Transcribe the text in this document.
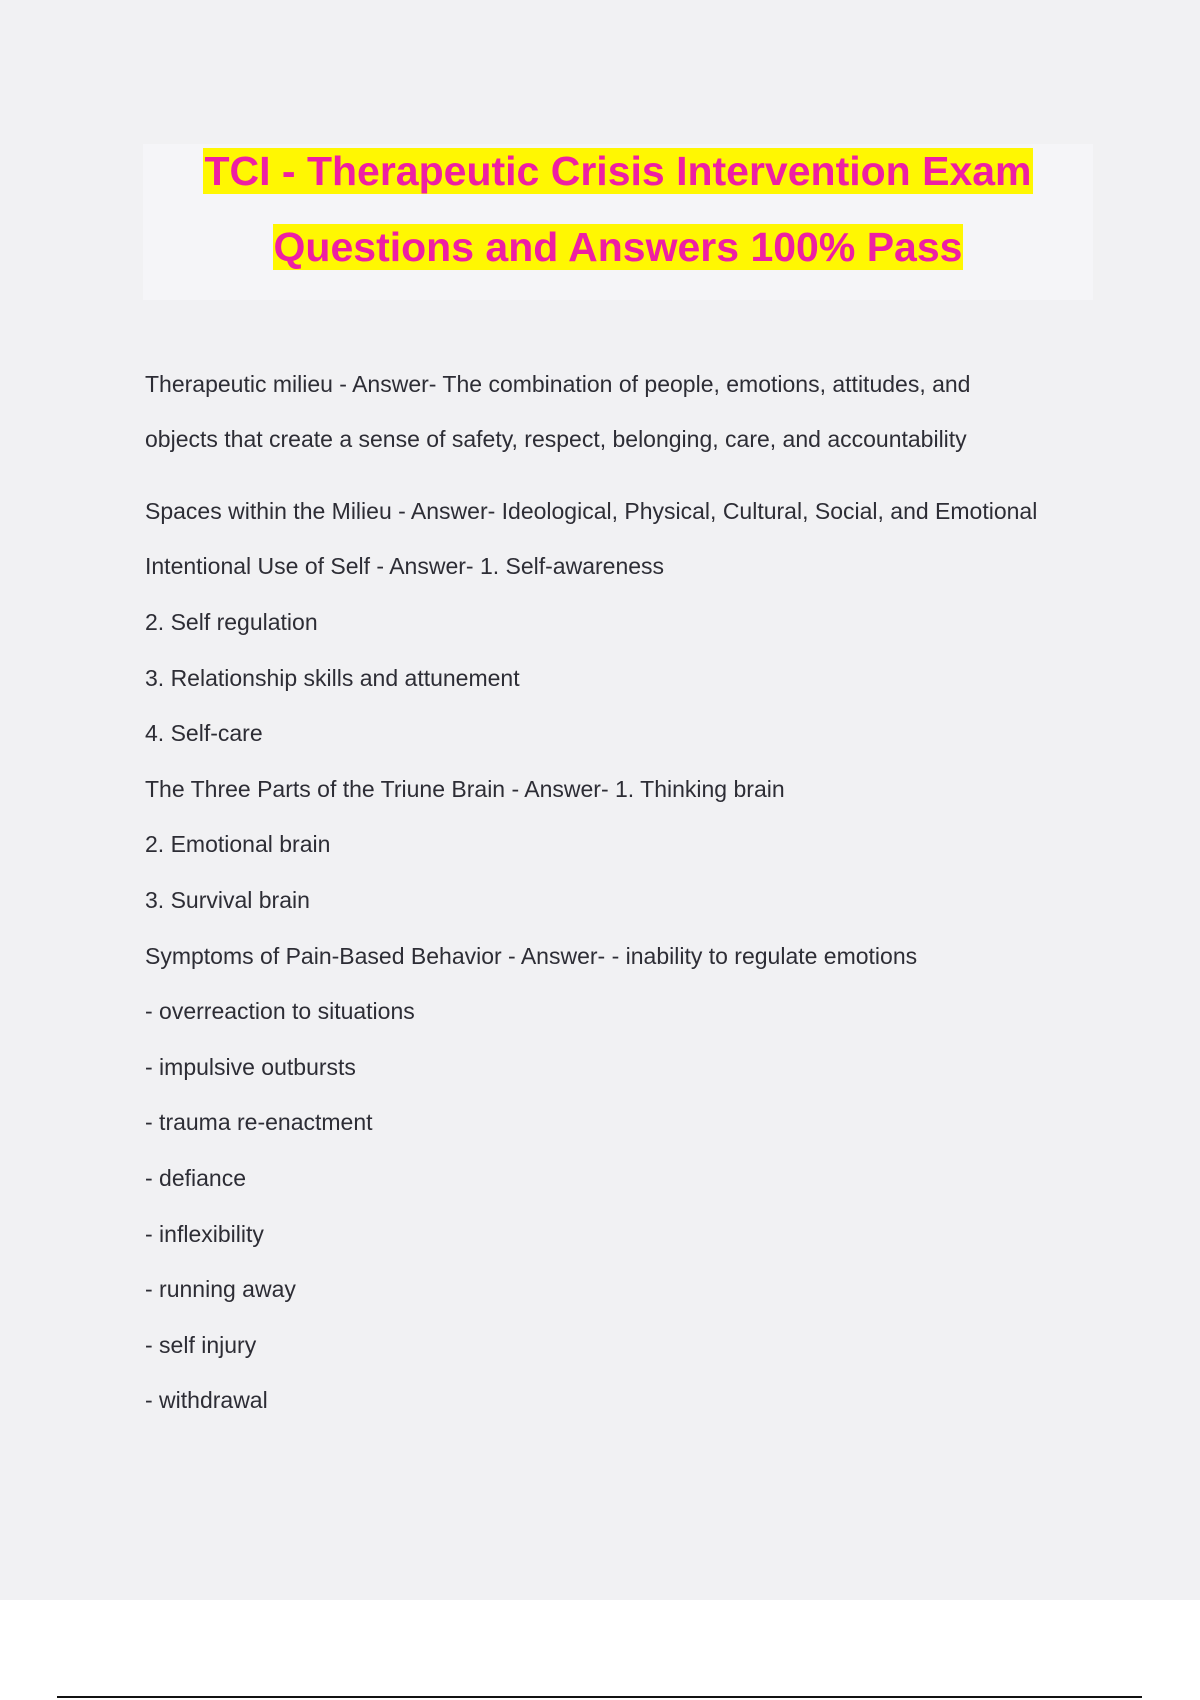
TCI - Therapeutic Crisis Intervention Exam
Questions and Answers 100% Pass
Therapeutic milieu - Answer- The combination of people, emotions, attitudes, and
objects that create a sense of safety, respect, belonging, care, and accountability
Spaces within the Milieu - Answer- Ideological, Physical, Cultural, Social, and Emotional
Intentional Use of Self - Answer- 1. Self-awareness
2. Self regulation
3. Relationship skills and attunement
4. Self-care
The Three Parts of the Triune Brain - Answer- 1. Thinking brain
2. Emotional brain
3. Survival brain
Symptoms of Pain-Based Behavior - Answer- - inability to regulate emotions
- overreaction to situations
- impulsive outbursts
- trauma re-enactment
- defiance
- inflexibility
- running away
- self injury
- withdrawal
